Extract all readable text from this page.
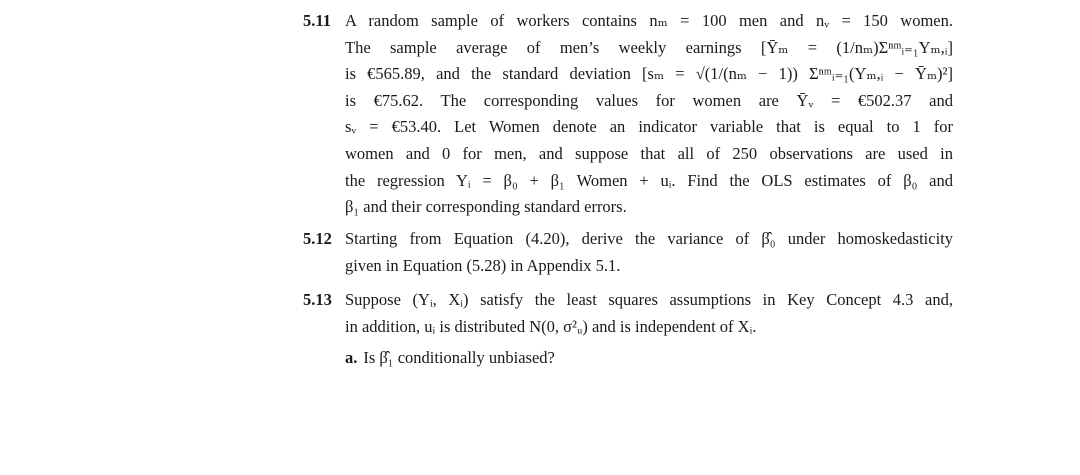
5.11 A random sample of workers contains nₘ = 100 men and nᵥ = 150 women.
The sample average of men’s weekly earnings [Ȳₘ = (1/nₘ)Σⁿᵐᵢ₌₁Yₘ,ᵢ]
is €565.89, and the standard deviation [sₘ = √(1/(nₘ − 1)) Σⁿᵐᵢ₌₁(Yₘ,ᵢ − Ȳₘ)²]
is €75.62. The corresponding values for women are Ȳᵥ = €502.37 and
sᵥ = €53.40. Let Women denote an indicator variable that is equal to 1 for
women and 0 for men, and suppose that all of 250 observations are used in
the regression Yᵢ = β₀ + β₁ Women + uᵢ. Find the OLS estimates of β₀ and
β₁ and their corresponding standard errors.
5.12 Starting from Equation (4.20), derive the variance of β̂₀ under homoskedasticity
given in Equation (5.28) in Appendix 5.1.
5.13 Suppose (Yᵢ, Xᵢ) satisfy the least squares assumptions in Key Concept 4.3 and,
in addition, uᵢ is distributed N(0, σ²ᵤ) and is independent of Xᵢ.
a. Is β̂₁ conditionally unbiased?
